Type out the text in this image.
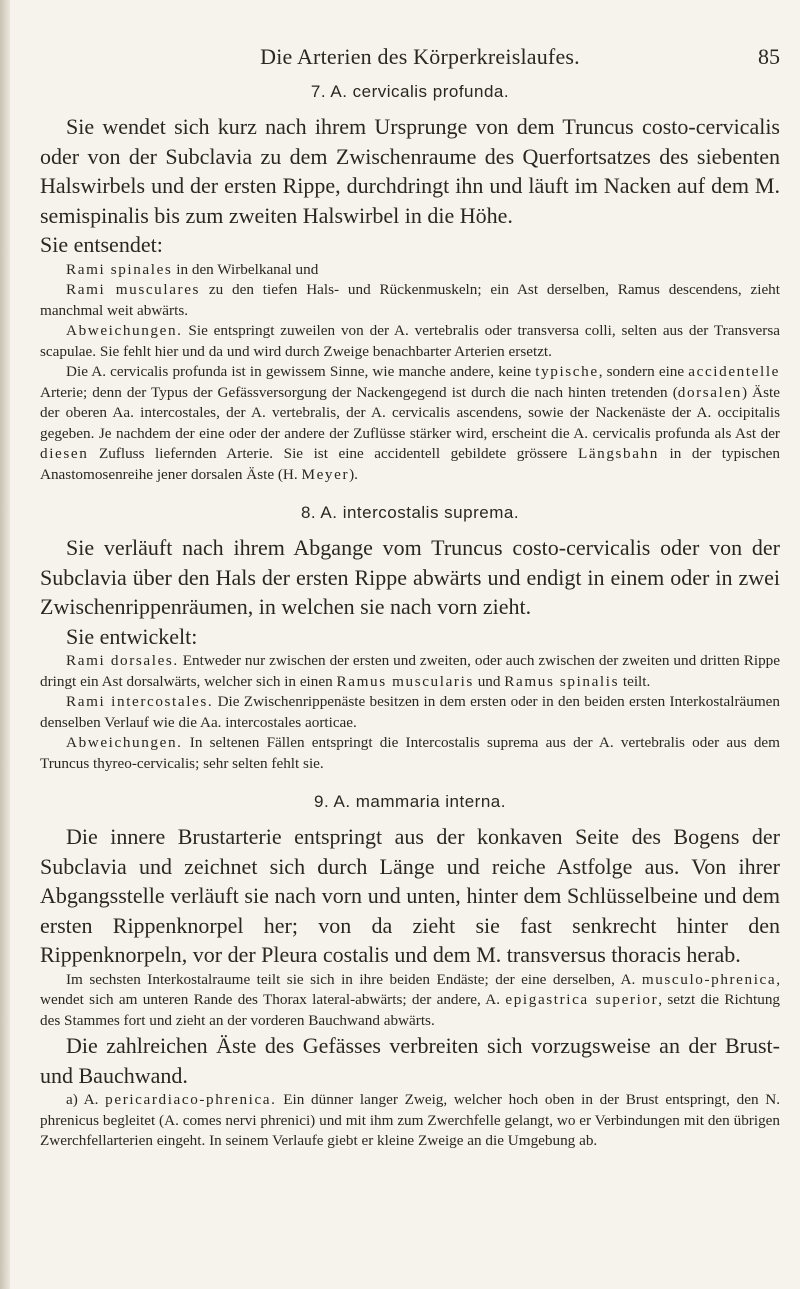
Die Arterien des Körperkreislaufes.	85
7. A. cervicalis profunda.

Sie wendet sich kurz nach ihrem Ursprunge von dem Truncus costo-cervicalis oder von der Subclavia zu dem Zwischenraume des Querfortsatzes des siebenten Halswirbels und der ersten Rippe, durchdringt ihn und läuft im Nacken auf dem M. semispinalis bis zum zweiten Halswirbel in die Höhe.

Sie entsendet:

Rami spinales in den Wirbelkanal und

Rami musculares zu den tiefen Hals- und Rückenmuskeln; ein Ast derselben, Ramus descendens, zieht manchmal weit abwärts.

Abweichungen. Sie entspringt zuweilen von der A. vertebralis oder transversa colli, selten aus der Transversa scapulae. Sie fehlt hier und da und wird durch Zweige benachbarter Arterien ersetzt.

Die A. cervicalis profunda ist in gewissem Sinne, wie manche andere, keine typische, sondern eine accidentelle Arterie; denn der Typus der Gefässversorgung der Nackengegend ist durch die nach hinten tretenden (dorsalen) Äste der oberen Aa. intercostales, der A. vertebralis, der A. cervicalis ascendens, sowie der Nackenäste der A. occipitalis gegeben. Je nachdem der eine oder der andere der Zuflüsse stärker wird, erscheint die A. cervicalis profunda als Ast der diesen Zufluss liefernden Arterie. Sie ist eine accidentell gebildete grössere Längsbahn in der typischen Anastomosenreihe jener dorsalen Äste (H. Meyer).

8. A. intercostalis suprema.

Sie verläuft nach ihrem Abgange vom Truncus costo-cervicalis oder von der Subclavia über den Hals der ersten Rippe abwärts und endigt in einem oder in zwei Zwischenrippenräumen, in welchen sie nach vorn zieht.

Sie entwickelt:

Rami dorsales. Entweder nur zwischen der ersten und zweiten, oder auch zwischen der zweiten und dritten Rippe dringt ein Ast dorsalwärts, welcher sich in einen Ramus muscularis und Ramus spinalis teilt.

Rami intercostales. Die Zwischenrippenäste besitzen in dem ersten oder in den beiden ersten Interkostalräumen denselben Verlauf wie die Aa. intercostales aorticae.

Abweichungen. In seltenen Fällen entspringt die Intercostalis suprema aus der A. vertebralis oder aus dem Truncus thyreo-cervicalis; sehr selten fehlt sie.

9. A. mammaria interna.

Die innere Brustarterie entspringt aus der konkaven Seite des Bogens der Subclavia und zeichnet sich durch Länge und reiche Astfolge aus. Von ihrer Abgangsstelle verläuft sie nach vorn und unten, hinter dem Schlüsselbeine und dem ersten Rippenknorpel her; von da zieht sie fast senkrecht hinter den Rippenknorpeln, vor der Pleura costalis und dem M. transversus thoracis herab.

Im sechsten Interkostalraume teilt sie sich in ihre beiden Endäste; der eine derselben, A. musculo-phrenica, wendet sich am unteren Rande des Thorax lateral-abwärts; der andere, A. epigastrica superior, setzt die Richtung des Stammes fort und zieht an der vorderen Bauchwand abwärts.

Die zahlreichen Äste des Gefässes verbreiten sich vorzugsweise an der Brust- und Bauchwand.

a) A. pericardiaco-phrenica. Ein dünner langer Zweig, welcher hoch oben in der Brust entspringt, den N. phrenicus begleitet (A. comes nervi phrenici) und mit ihm zum Zwerchfelle gelangt, wo er Verbindungen mit den übrigen Zwerchfellarterien eingeht. In seinem Verlaufe giebt er kleine Zweige an die Umgebung ab.
